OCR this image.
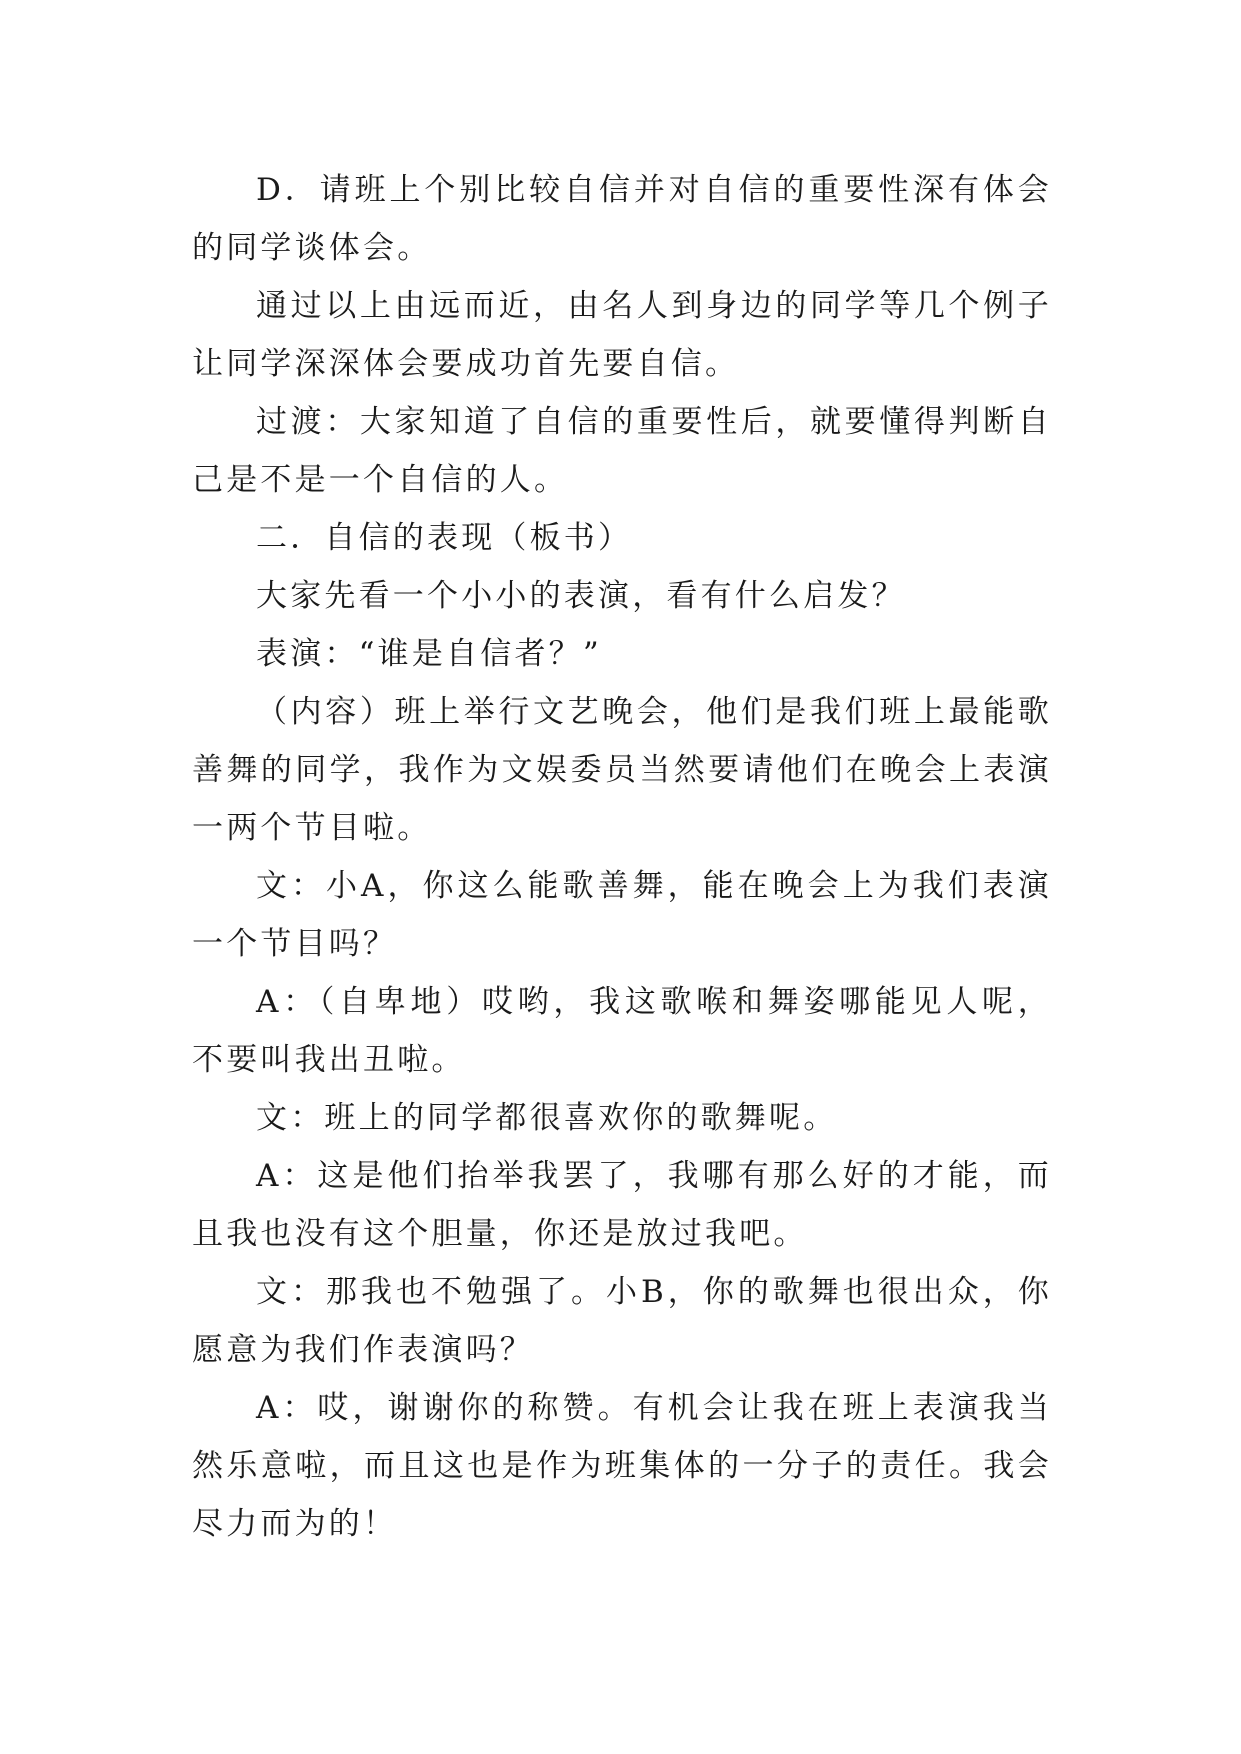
D．请班上个别比较自信并对自信的重要性深有体会的同学谈体会。

通过以上由远而近，由名人到身边的同学等几个例子让同学深深体会要成功首先要自信。

过渡：大家知道了自信的重要性后，就要懂得判断自己是不是一个自信的人。

二．自信的表现（板书）

大家先看一个小小的表演，看有什么启发？

表演：“谁是自信者？”

（内容）班上举行文艺晚会，他们是我们班上最能歌善舞的同学，我作为文娱委员当然要请他们在晚会上表演一两个节目啦。

文：小A，你这么能歌善舞，能在晚会上为我们表演一个节目吗？

A：（自卑地）哎哟，我这歌喉和舞姿哪能见人呢，不要叫我出丑啦。

文：班上的同学都很喜欢你的歌舞呢。

A：这是他们抬举我罢了，我哪有那么好的才能，而且我也没有这个胆量，你还是放过我吧。

文：那我也不勉强了。小B，你的歌舞也很出众，你愿意为我们作表演吗？

A：哎，谢谢你的称赞。有机会让我在班上表演我当然乐意啦，而且这也是作为班集体的一分子的责任。我会尽力而为的！
